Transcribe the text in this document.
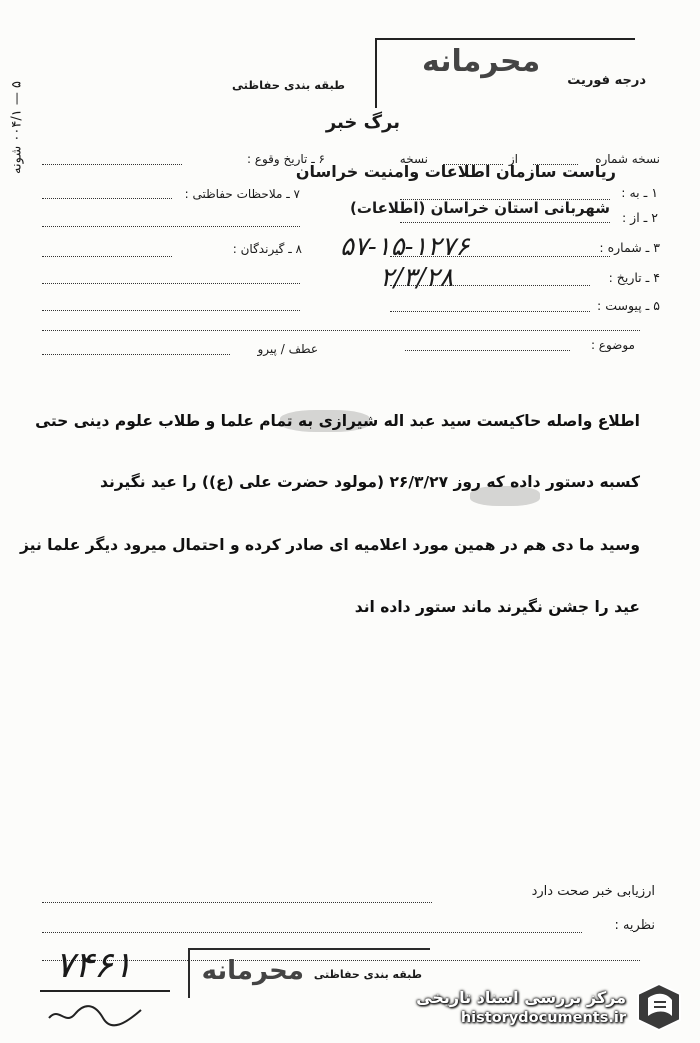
۵ — ۰۰۴/۱ شونه
محرمانه
درجه فوریت
طبقه بندی حفاظتی
برگ خبر
نسخه شماره
از
نسخه
۶ ـ تاریخ وقوع :
۷ ـ ملاحظات حفاظتی :	۱ ـ به :
ریاست سازمان اطلاعات وامنیت خراسان
۲ ـ از :
شهربانی استان خراسان (اطلاعات)
۳ ـ شماره :
۵۷-۱۵-۱۲۷۶
۸ ـ گیرندگان :
۴ ـ تاریخ :
۲/۳/۲۸
۵ ـ پیوست :
موضوع :
عطف / پیرو
اطلاع واصله حاکیست سید عبد اله شیرازی به تمام علما و طلاب علوم دینی حتی
کسبه دستور داده که روز ۲۶/۳/۲۷ (مولود حضرت علی (ع)) را عید نگیرند
وسید ما دی هم در همین مورد اعلامیه ای صادر کرده و احتمال میرود دیگر علما نیز
عید را جشن نگیرند ماند ستور داده اند
ارزیابی خبر صحت دارد
نظریه :
۷۴۶۱	طبقه بندی حفاظتی
محرمانه
مرکز بررسی اسناد تاریخی
historydocuments.ir
